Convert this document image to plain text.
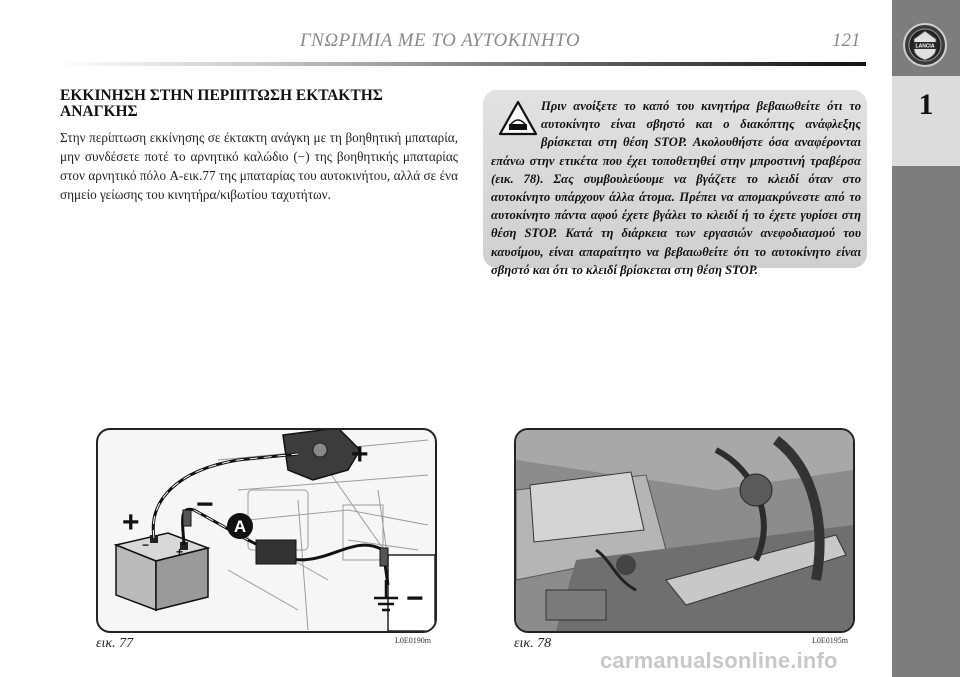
ΓΝΩΡΙΜΙΑ ΜΕ ΤΟ ΑΥΤΟΚΙΝΗΤΟ	121	LANCIA
1
ΕΚΚΙΝΗΣΗ ΣΤΗΝ ΠΕΡΙΠΤΩΣΗ ΕΚΤΑΚΤΗΣ ΑΝΑΓΚΗΣ
Στην περίπτωση εκκίνησης σε έκτακτη ανάγκη με τη βοηθητική μπαταρία, μην συνδέσετε ποτέ το αρνητικό καλώδιο (−) της βοηθητικής μπαταρίας στον αρνητικό πόλο A-εικ.77 της μπαταρίας του αυτοκινήτου, αλλά σε ένα σημείο γείωσης του κινητήρα/κιβωτίου ταχυτήτων.
Πριν ανοίξετε το καπό του κινητήρα βεβαιωθείτε ότι το αυτοκίνητο είναι σβηστό και ο διακόπτης ανάφλεξης βρίσκεται στη θέση STOP. Ακολουθήστε όσα αναφέρονται επάνω στην ετικέτα που έχει τοποθετηθεί στην μπροστινή τραβέρσα (εικ. 78). Σας συμβουλεύουμε να βγάζετε το κλειδί όταν στο αυτοκίνητο υπάρχουν άλλα άτομα. Πρέπει να απομακρύνεστε από το αυτοκίνητο πάντα αφού έχετε βγάλει το κλειδί ή το έχετε γυρίσει στη θέση STOP. Κατά τη διάρκεια των εργασιών ανεφοδιασμού του καυσίμου, είναι απαραίτητο να βεβαιωθείτε ότι το αυτοκίνητο είναι σβηστό και ότι το κλειδί βρίσκεται στη θέση STOP.
A
+
+
−
−
+
−
εικ. 77	L0E0190m	εικ. 78	L0E0195m
carmanualsonline.info
